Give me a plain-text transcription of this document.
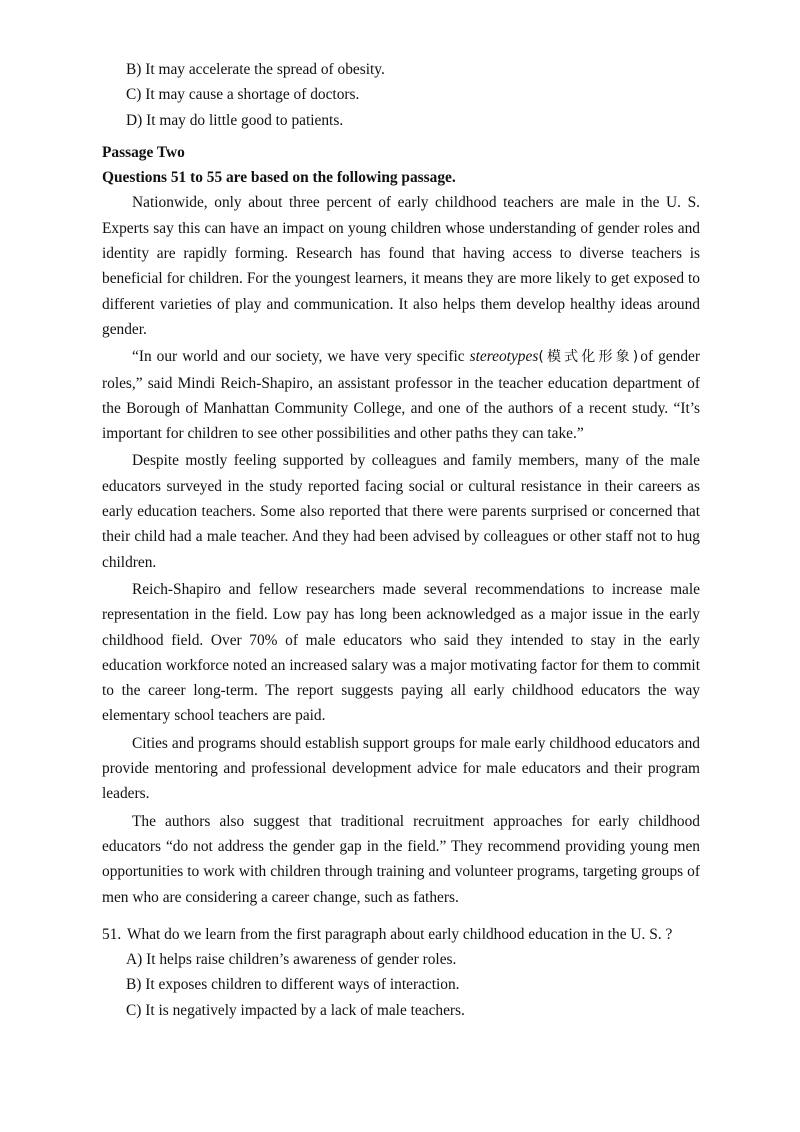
B) It may accelerate the spread of obesity.

C) It may cause a shortage of doctors.

D) It may do little good to patients.

Passage Two

Questions 51 to 55 are based on the following passage.

Nationwide, only about three percent of early childhood teachers are male in the U. S. Experts say this can have an impact on young children whose understanding of gender roles and identity are rapidly forming. Research has found that having access to diverse teachers is beneficial for children. For the youngest learners, it means they are more likely to get exposed to different varieties of play and communication. It also helps them develop healthy ideas around gender.

“In our world and our society, we have very specific stereotypes(模式化形象)of gender roles,” said Mindi Reich-Shapiro, an assistant professor in the teacher education department of the Borough of Manhattan Community College, and one of the authors of a recent study. “It’s important for children to see other possibilities and other paths they can take.”

Despite mostly feeling supported by colleagues and family members, many of the male educators surveyed in the study reported facing social or cultural resistance in their careers as early education teachers. Some also reported that there were parents surprised or concerned that their child had a male teacher. And they had been advised by colleagues or other staff not to hug children.

Reich-Shapiro and fellow researchers made several recommendations to increase male representation in the field. Low pay has long been acknowledged as a major issue in the early childhood field. Over 70% of male educators who said they intended to stay in the early education workforce noted an increased salary was a major motivating factor for them to commit to the career long-term. The report suggests paying all early childhood educators the way elementary school teachers are paid.

Cities and programs should establish support groups for male early childhood educators and provide mentoring and professional development advice for male educators and their program leaders.

The authors also suggest that traditional recruitment approaches for early childhood educators “do not address the gender gap in the field.” They recommend providing young men opportunities to work with children through training and volunteer programs, targeting groups of men who are considering a career change, such as fathers.

51. What do we learn from the first paragraph about early childhood education in the U. S. ?

A) It helps raise children’s awareness of gender roles.

B) It exposes children to different ways of interaction.

C) It is negatively impacted by a lack of male teachers.
